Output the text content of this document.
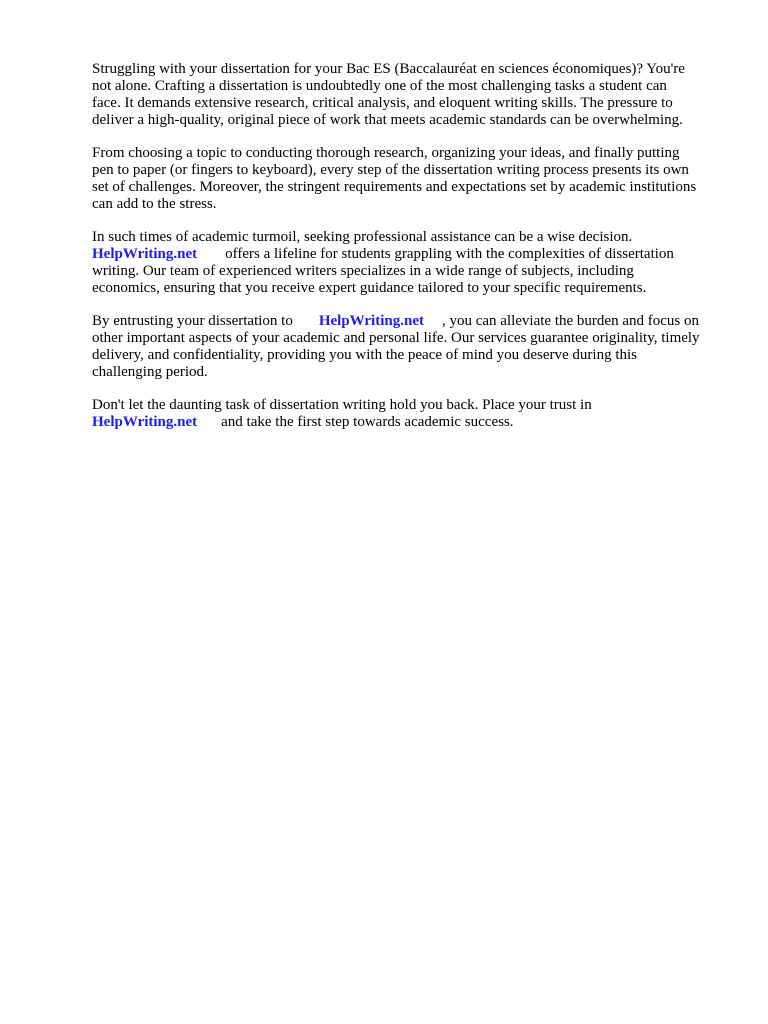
Struggling with your dissertation for your Bac ES (Baccalauréat en sciences économiques)? You're
not alone. Crafting a dissertation is undoubtedly one of the most challenging tasks a student can
face. It demands extensive research, critical analysis, and eloquent writing skills. The pressure to
deliver a high-quality, original piece of work that meets academic standards can be overwhelming.

From choosing a topic to conducting thorough research, organizing your ideas, and finally putting
pen to paper (or fingers to keyboard), every step of the dissertation writing process presents its own
set of challenges. Moreover, the stringent requirements and expectations set by academic institutions
can add to the stress.

In such times of academic turmoil, seeking professional assistance can be a wise decision.
HelpWriting.net offers a lifeline for students grappling with the complexities of dissertation
writing. Our team of experienced writers specializes in a wide range of subjects, including
economics, ensuring that you receive expert guidance tailored to your specific requirements.

By entrusting your dissertation to HelpWriting.net , you can alleviate the burden and focus on
other important aspects of your academic and personal life. Our services guarantee originality, timely
delivery, and confidentiality, providing you with the peace of mind you deserve during this
challenging period.

Don't let the daunting task of dissertation writing hold you back. Place your trust in
HelpWriting.net and take the first step towards academic success.
